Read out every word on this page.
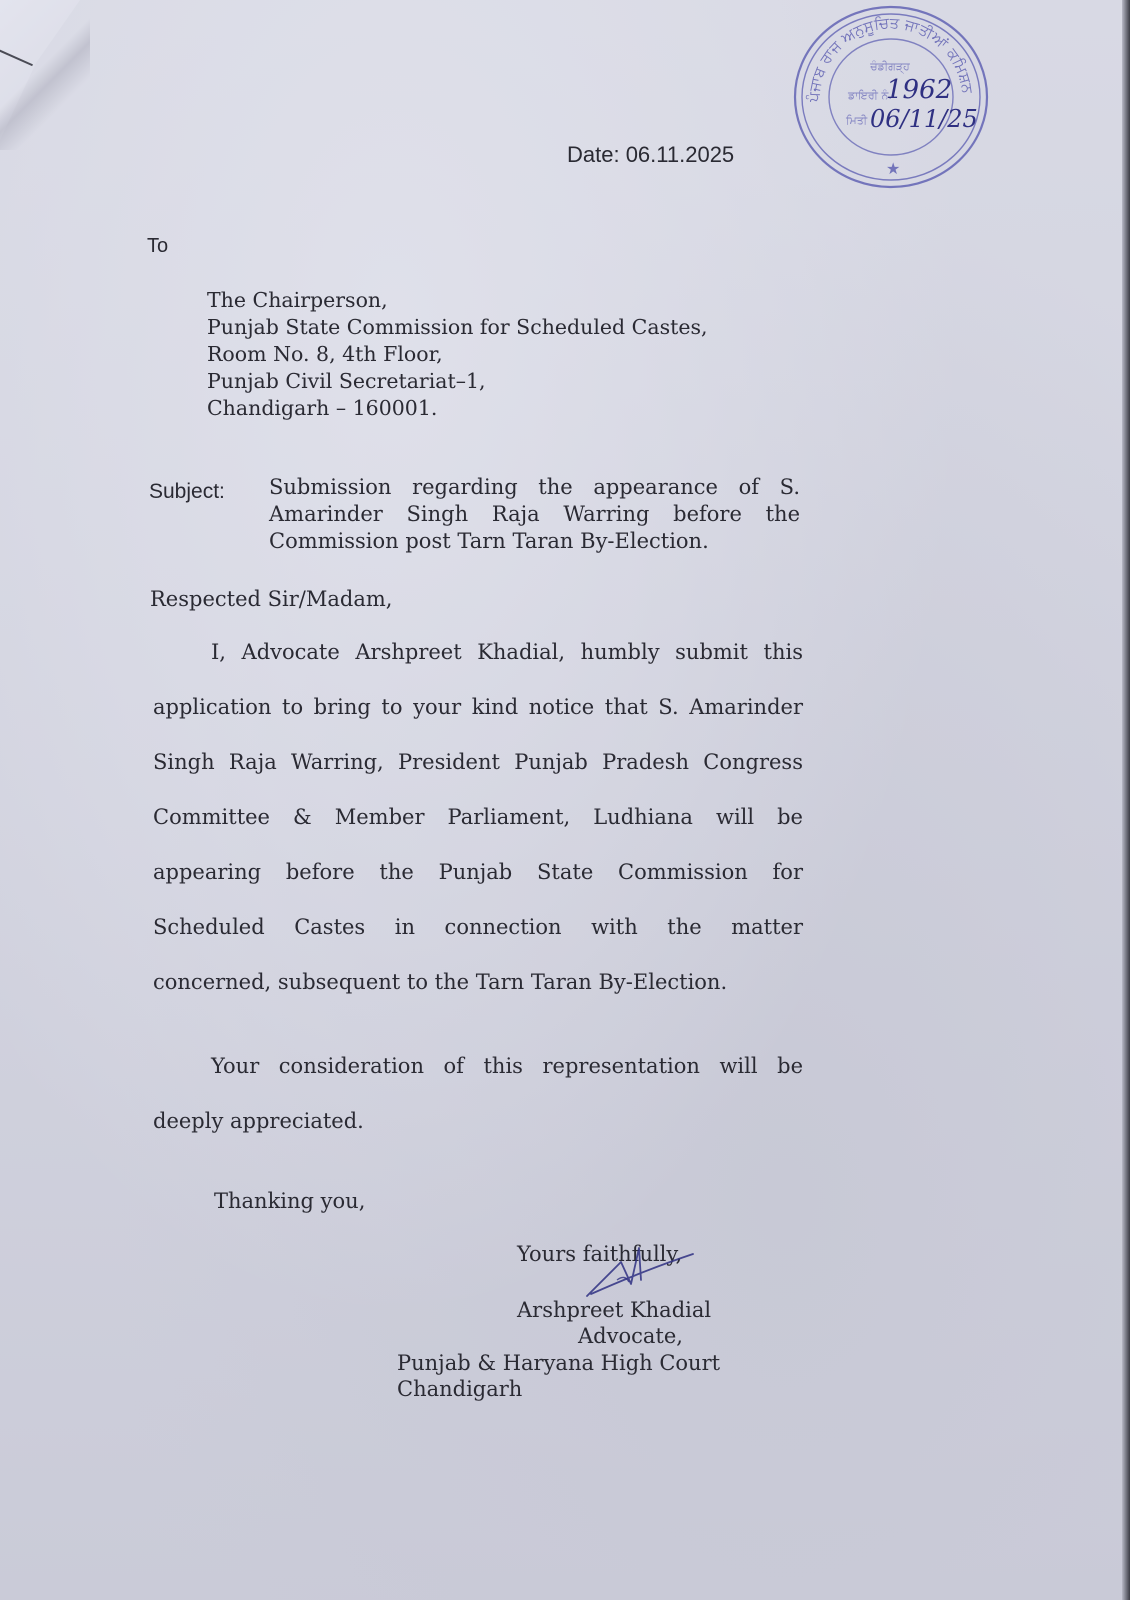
ਪੰਜਾਬ ਰਾਜ ਅਨੁਸੂਚਿਤ ਜਾਤੀਆਂ ਕਮਿਸ਼ਨ
ਚੰਡੀਗੜ੍ਹ
ਡਾਇਰੀ ਨੰ.
ਮਿਤੀ
1962
06/11/25
★
Date: 06.11.2025
To
The Chairperson,
Punjab State Commission for Scheduled Castes,
Room No. 8, 4th Floor,
Punjab Civil Secretariat–1,
Chandigarh – 160001.
Subject: Submission regarding the appearance of S.
Amarinder Singh Raja Warring before the
Commission post Tarn Taran By-Election.
Respected Sir/Madam,
I, Advocate Arshpreet Khadial, humbly submit this
application to bring to your kind notice that S. Amarinder
Singh Raja Warring, President Punjab Pradesh Congress
Committee & Member Parliament, Ludhiana will be
appearing before the Punjab State Commission for
Scheduled Castes in connection with the matter
concerned, subsequent to the Tarn Taran By-Election.
Your consideration of this representation will be
deeply appreciated.
Thanking you,
Yours faithfully,
Arshpreet Khadial
Advocate,
Punjab & Haryana High Court
Chandigarh
